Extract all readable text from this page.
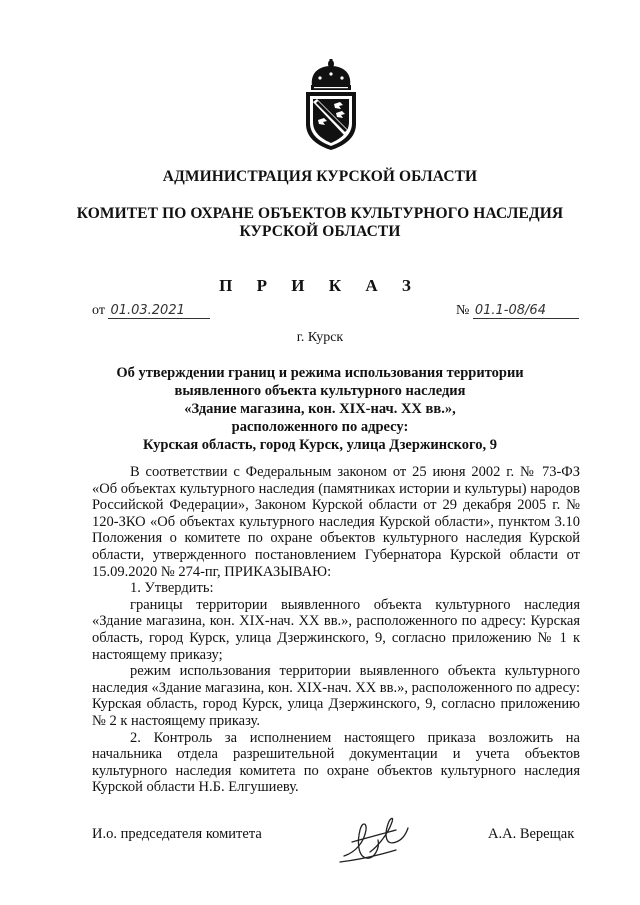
АДМИНИСТРАЦИЯ КУРСКОЙ ОБЛАСТИ
КОМИТЕТ ПО ОХРАНЕ ОБЪЕКТОВ КУЛЬТУРНОГО НАСЛЕДИЯ
КУРСКОЙ ОБЛАСТИ
П Р И К А З
от 01.03.2021	№ 01.1-08/64
г. Курск
Об утверждении границ и режима использования территории
выявленного объекта культурного наследия
«Здание магазина, кон. XIX-нач. XX вв.»,
расположенного по адресу:
Курская область, город Курск, улица Дзержинского, 9

В соответствии с Федеральным законом от 25 июня 2002 г. № 73-ФЗ «Об объектах культурного наследия (памятниках истории и культуры) народов Российской Федерации», Законом Курской области от 29 декабря 2005 г. № 120-ЗКО «Об объектах культурного наследия Курской области», пунктом 3.10 Положения о комитете по охране объектов культурного наследия Курской области, утвержденного постановлением Губернатора Курской области от 15.09.2020 № 274-пг, ПРИКАЗЫВАЮ:

1. Утвердить:

границы территории выявленного объекта культурного наследия «Здание магазина, кон. XIX-нач. XX вв.», расположенного по адресу: Курская область, город Курск, улица Дзержинского, 9, согласно приложению № 1 к настоящему приказу;

режим использования территории выявленного объекта культурного наследия «Здание магазина, кон. XIX-нач. XX вв.», расположенного по адресу: Курская область, город Курск, улица Дзержинского, 9, согласно приложению № 2 к настоящему приказу.

2. Контроль за исполнением настоящего приказа возложить на начальника отдела разрешительной документации и учета объектов культурного наследия комитета по охране объектов культурного наследия Курской области Н.Б. Елгушиеву.

И.о. председателя комитета	А.А. Верещак
